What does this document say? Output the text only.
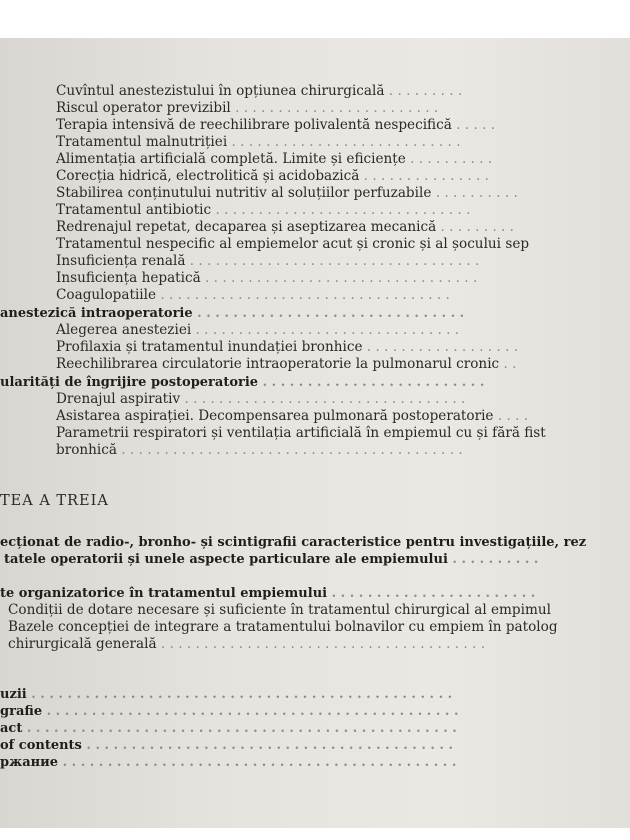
Cuvîntul anestezistului în opțiunea chirurgicală . . . . . . . . .
Riscul operator previzibil . . . . . . . . . . . . . . . . . . . . . . . .
Terapia intensivă de reechilibrare polivalentă nespecifică . . . . .
Tratamentul malnutriției . . . . . . . . . . . . . . . . . . . . . . . . . . .
Alimentația artificială completă. Limite și eficiențe . . . . . . . . . .
Corecția hidrică, electrolitică și acidobazică . . . . . . . . . . . . . . .
Stabilirea conținutului nutritiv al soluțiilor perfuzabile . . . . . . . . . .
Tratamentul antibiotic . . . . . . . . . . . . . . . . . . . . . . . . . . . . . .
Redrenajul repetat, decaparea și aseptizarea mecanică . . . . . . . . .
Tratamentul nespecific al empiemelor acut și cronic și al șocului sep
Insuficiența renală . . . . . . . . . . . . . . . . . . . . . . . . . . . . . . . . . .
Insuficiența hepatică . . . . . . . . . . . . . . . . . . . . . . . . . . . . . . . .
Coagulopatiile . . . . . . . . . . . . . . . . . . . . . . . . . . . . . . . . . .
anestezică intraoperatorie . . . . . . . . . . . . . . . . . . . . . . . . . . . . . .
Alegerea anesteziei . . . . . . . . . . . . . . . . . . . . . . . . . . . . . . .
Profilaxia și tratamentul inundației bronhice . . . . . . . . . . . . . . . . . .
Reechilibrarea circulatorie intraoperatorie la pulmonarul cronic . .
ularități de îngrijire postoperatorie . . . . . . . . . . . . . . . . . . . . . . . . .
Drenajul aspirativ . . . . . . . . . . . . . . . . . . . . . . . . . . . . . . . . .
Asistarea aspirației. Decompensarea pulmonară postoperatorie . . . .
Parametrii respiratori și ventilația artificială în empiemul cu și fără fist
bronhică . . . . . . . . . . . . . . . . . . . . . . . . . . . . . . . . . . . . . . . .
TEA A TREIA
ecționat de radio-, bronho- și scintigrafii caracteristice pentru investigațiile, rez
tatele operatorii și unele aspecte particulare ale empiemului . . . . . . . . . .
te organizatorice în tratamentul empiemului . . . . . . . . . . . . . . . . . . . . . . .
Condiții de dotare necesare și suficiente în tratamentul chirurgical al empimul
Bazele concepției de integrare a tratamentului bolnavilor cu empiem în patolog
chirurgicală generală . . . . . . . . . . . . . . . . . . . . . . . . . . . . . . . . . . . . . .
uzii . . . . . . . . . . . . . . . . . . . . . . . . . . . . . . . . . . . . . . . . . . . . . . .
grafie . . . . . . . . . . . . . . . . . . . . . . . . . . . . . . . . . . . . . . . . . . . . . .
act . . . . . . . . . . . . . . . . . . . . . . . . . . . . . . . . . . . . . . . . . . . . . . . .
of contents . . . . . . . . . . . . . . . . . . . . . . . . . . . . . . . . . . . . . . . . .
ржание . . . . . . . . . . . . . . . . . . . . . . . . . . . . . . . . . . . . . . . . . . . .
